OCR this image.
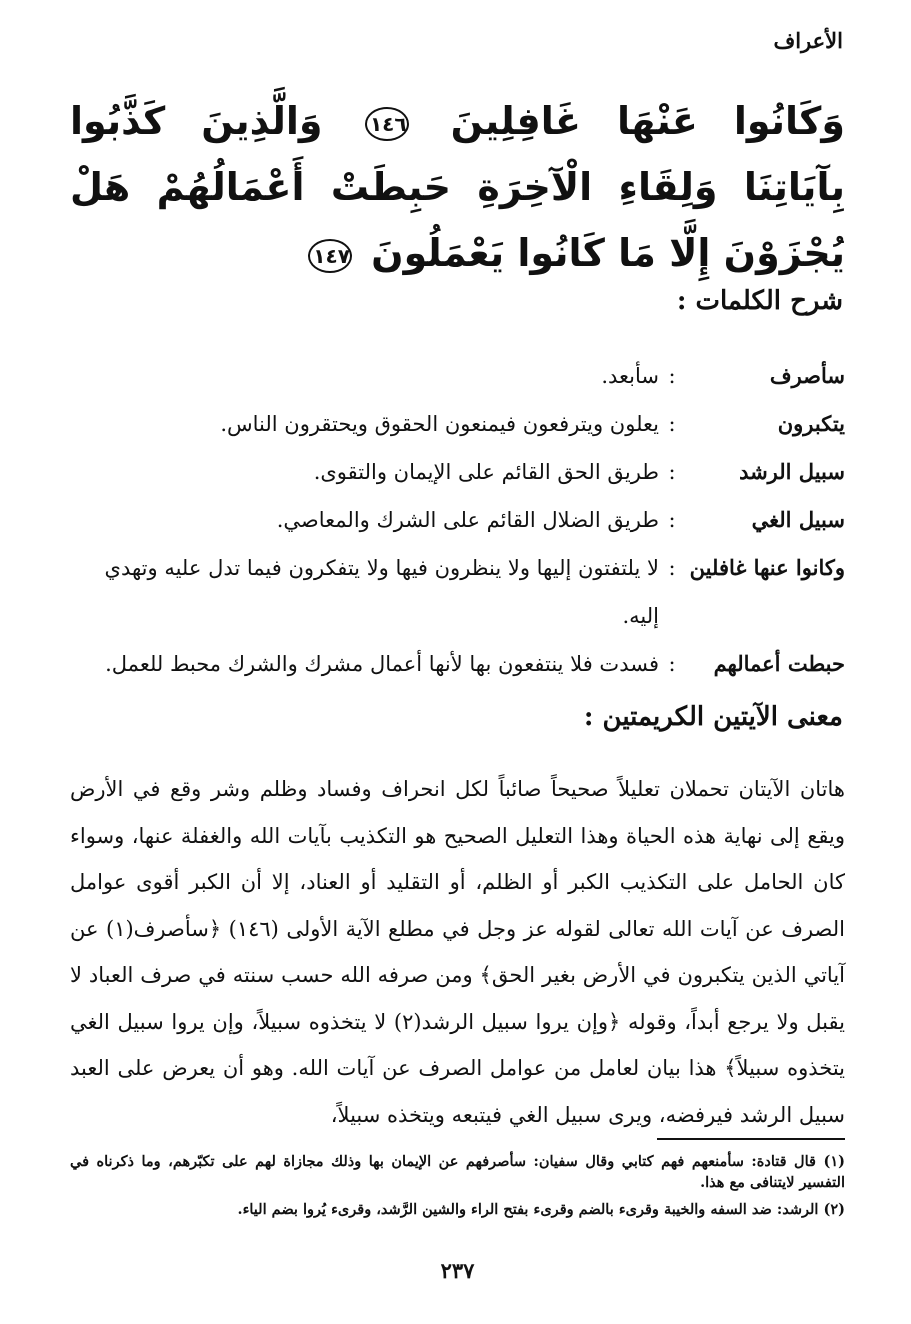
الأعراف
وَكَانُوا عَنْهَا غَافِلِينَ ١٤٦ وَالَّذِينَ كَذَّبُوا بِآيَاتِنَا وَلِقَاءِ الْآخِرَةِ حَبِطَتْ أَعْمَالُهُمْ هَلْ يُجْزَوْنَ إِلَّا مَا كَانُوا يَعْمَلُونَ ١٤٧
شرح الكلمات :
سأصرف
:
سأبعد.
يتكبرون
:
يعلون ويترفعون فيمنعون الحقوق ويحتقرون الناس.
سبيل الرشد
:
طريق الحق القائم على الإيمان والتقوى.
سبيل الغي
:
طريق الضلال القائم على الشرك والمعاصي.
وكانوا عنها غافلين
:
لا يلتفتون إليها ولا ينظرون فيها ولا يتفكرون فيما تدل عليه وتهدي إليه.
حبطت أعمالهم
:
فسدت فلا ينتفعون بها لأنها أعمال مشرك والشرك محبط للعمل.
معنى الآيتين الكريمتين :
هاتان الآيتان تحملان تعليلاً صحيحاً صائباً لكل انحراف وفساد وظلم وشر وقع في الأرض ويقع إلى نهاية هذه الحياة وهذا التعليل الصحيح هو التكذيب بآيات الله والغفلة عنها، وسواء كان الحامل على التكذيب الكبر أو الظلم، أو التقليد أو العناد، إلا أن الكبر أقوى عوامل الصرف عن آيات الله تعالى لقوله عز وجل في مطلع الآية الأولى (١٤٦) ﴿سأصرف(١) عن آياتي الذين يتكبرون في الأرض بغير الحق﴾ ومن صرفه الله حسب سنته في صرف العباد لا يقبل ولا يرجع أبداً، وقوله ﴿وإن يروا سبيل الرشد(٢) لا يتخذوه سبيلاً، وإن يروا سبيل الغي يتخذوه سبيلاً﴾ هذا بيان لعامل من عوامل الصرف عن آيات الله. وهو أن يعرض على العبد سبيل الرشد فيرفضه، ويرى سبيل الغي فيتبعه ويتخذه سبيلاً،
(١) قال قتادة: سأمنعهم فهم كتابي وقال سفيان: سأصرفهم عن الإيمان بها وذلك مجازاة لهم على تكبّرهم، وما ذكرناه في التفسير لايتنافى مع هذا.
(٢) الرشد: ضد السفه والخيبة وقرىء بالضم وقرىء بفتح الراء والشين الرَّشد، وقرىء يُروا بضم الياء.
٢٣٧
